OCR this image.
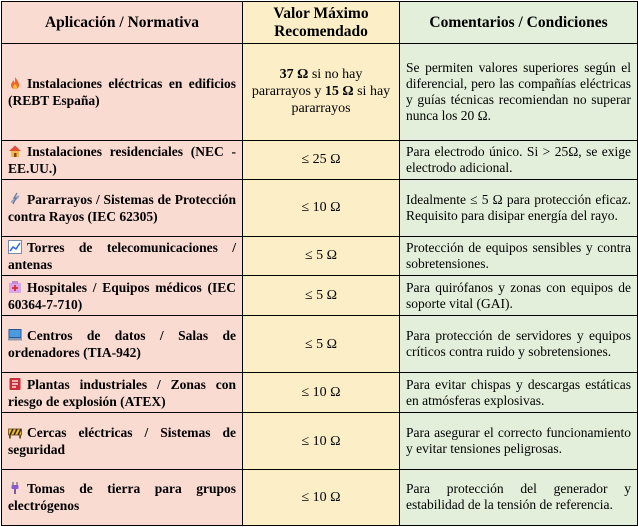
Aplicación / Normativa	Valor Máximo Recomendado	Comentarios / Condiciones
Instalaciones eléctricas en edificios (REBT España)	37 Ω si no hay pararrayos y 15 Ω si hay pararrayos	Se permiten valores superiores según el diferencial, pero las compañías eléctricas y guías técnicas recomiendan no superar nunca los 20 Ω.
Instalaciones residenciales (NEC - EE.UU.)	≤ 25 Ω	Para electrodo único. Si > 25Ω, se exige electrodo adicional.
Pararrayos / Sistemas de Protección contra Rayos (IEC 62305)	≤ 10 Ω	Idealmente ≤ 5 Ω para protección eficaz. Requisito para disipar energía del rayo.
Torres de telecomunicaciones / antenas	≤ 5 Ω	Protección de equipos sensibles y contra sobretensiones.
Hospitales / Equipos médicos (IEC 60364-7-710)	≤ 5 Ω	Para quirófanos y zonas con equipos de soporte vital (GAI).
Centros de datos / Salas de ordenadores (TIA-942)	≤ 5 Ω	Para protección de servidores y equipos críticos contra ruido y sobretensiones.
Plantas industriales / Zonas con riesgo de explosión (ATEX)	≤ 10 Ω	Para evitar chispas y descargas estáticas en atmósferas explosivas.
Cercas eléctricas / Sistemas de seguridad	≤ 10 Ω	Para asegurar el correcto funcionamiento y evitar tensiones peligrosas.
Tomas de tierra para grupos electrógenos	≤ 10 Ω	Para protección del generador y estabilidad de la tensión de referencia.
